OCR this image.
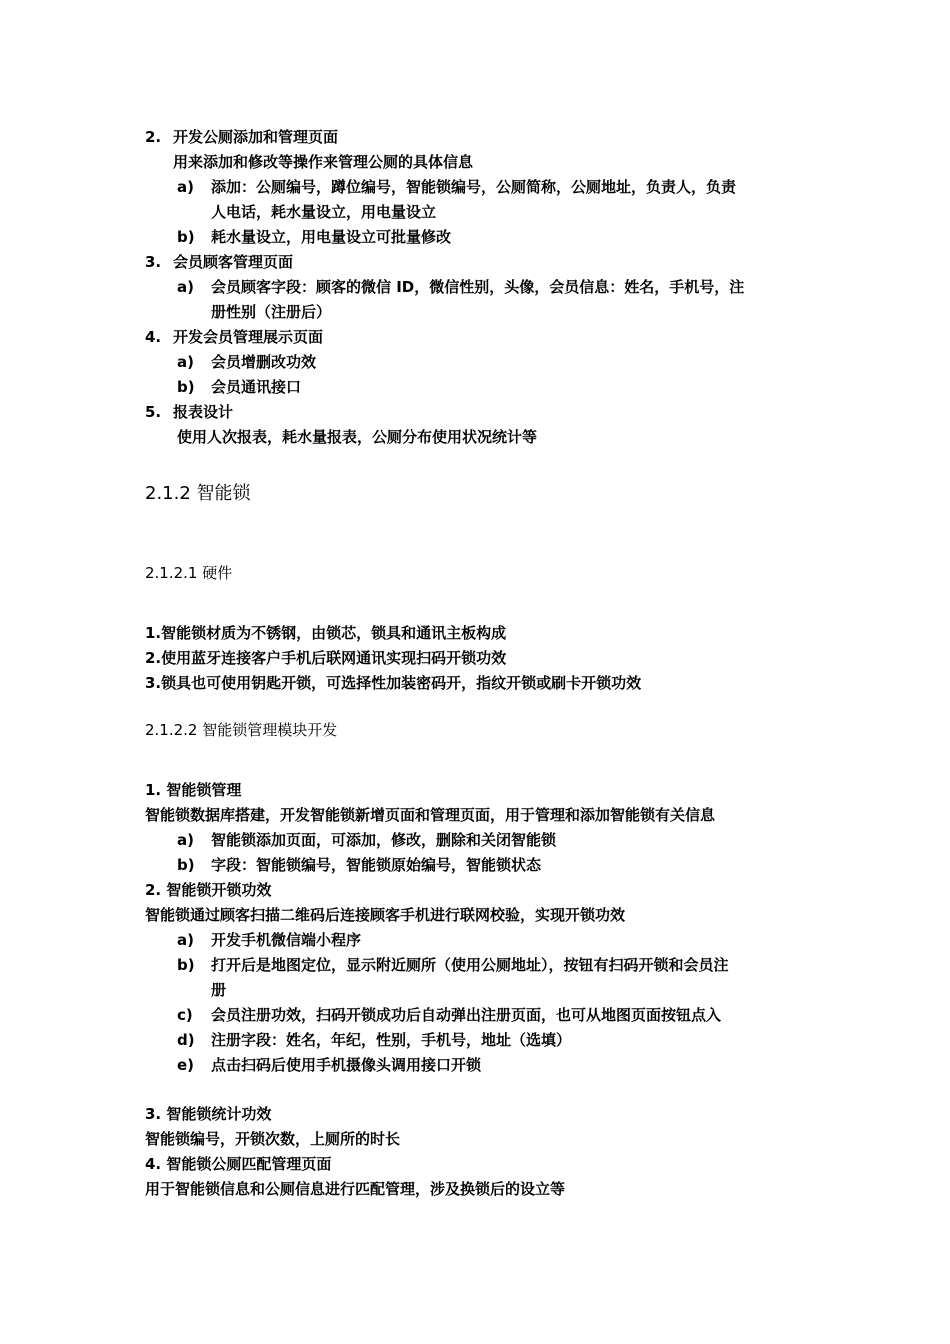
2. 开发公厕添加和管理页面
用来添加和修改等操作来管理公厕的具体信息
a) 添加：公厕编号，蹲位编号，智能锁编号，公厕简称，公厕地址，负责人，负责
人电话，耗水量设立，用电量设立
b) 耗水量设立，用电量设立可批量修改
3. 会员顾客管理页面
a) 会员顾客字段：顾客的微信 ID，微信性别，头像，会员信息：姓名，手机号，注
册性别（注册后）
4. 开发会员管理展示页面
a) 会员增删改功效
b) 会员通讯接口
5. 报表设计
使用人次报表，耗水量报表，公厕分布使用状况统计等
2.1.2 智能锁
2.1.2.1 硬件
1.智能锁材质为不锈钢，由锁芯，锁具和通讯主板构成
2.使用蓝牙连接客户手机后联网通讯实现扫码开锁功效
3.锁具也可使用钥匙开锁，可选择性加装密码开，指纹开锁或刷卡开锁功效
2.1.2.2 智能锁管理模块开发
1. 智能锁管理
智能锁数据库搭建，开发智能锁新增页面和管理页面，用于管理和添加智能锁有关信息
a) 智能锁添加页面，可添加，修改，删除和关闭智能锁
b) 字段：智能锁编号，智能锁原始编号，智能锁状态
2. 智能锁开锁功效
智能锁通过顾客扫描二维码后连接顾客手机进行联网校验，实现开锁功效
a) 开发手机微信端小程序
b) 打开后是地图定位，显示附近厕所（使用公厕地址），按钮有扫码开锁和会员注
册
c) 会员注册功效，扫码开锁成功后自动弹出注册页面，也可从地图页面按钮点入
d) 注册字段：姓名，年纪，性别，手机号，地址（选填）
e) 点击扫码后使用手机摄像头调用接口开锁
3. 智能锁统计功效
智能锁编号，开锁次数，上厕所的时长
4. 智能锁公厕匹配管理页面
用于智能锁信息和公厕信息进行匹配管理，涉及换锁后的设立等
